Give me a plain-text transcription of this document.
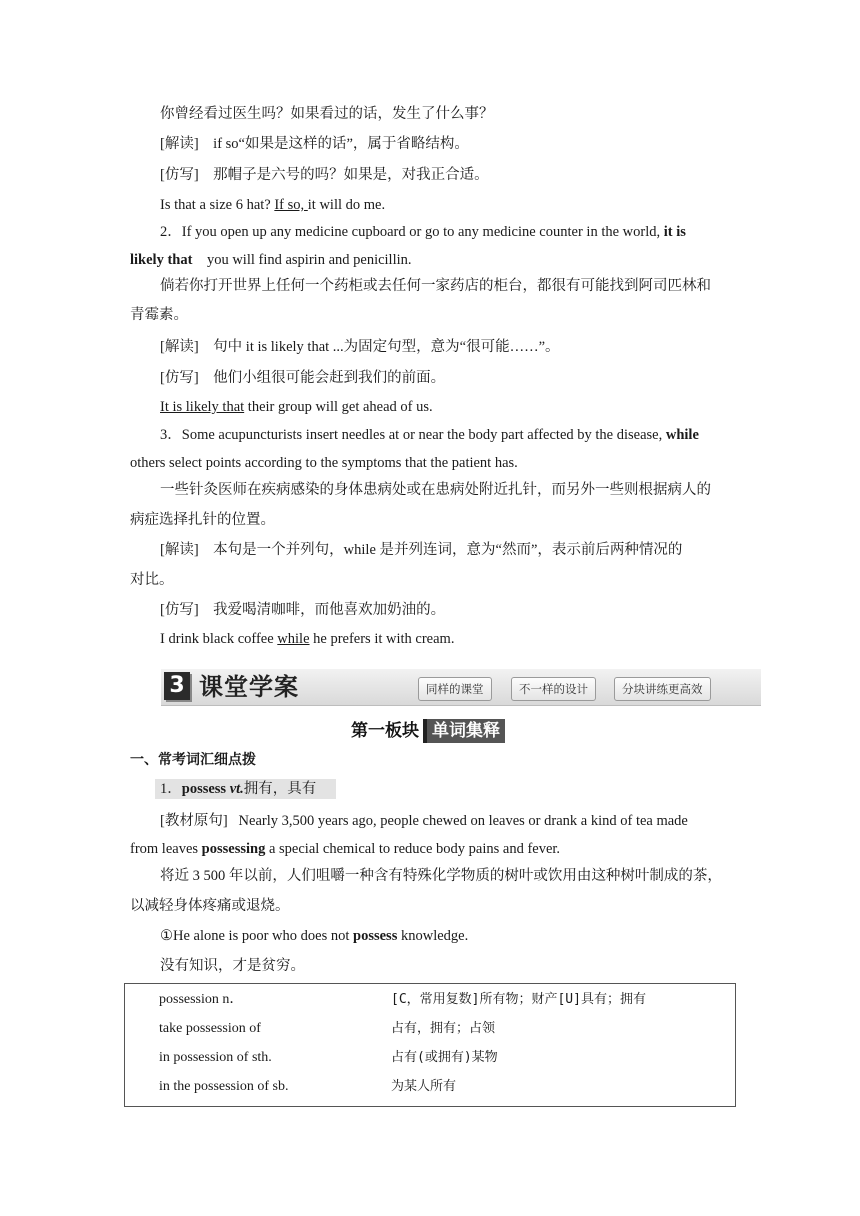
你曾经看过医生吗？如果看过的话，发生了什么事？
[解读] if so“如果是这样的话”，属于省略结构。
[仿写] 那帽子是六号的吗？如果是，对我正合适。
Is that a size 6 hat? If so, it will do me.
2．If you open up any medicine cupboard or go to any medicine counter in the world, it is
likely that you will find aspirin and penicillin.
倘若你打开世界上任何一个药柜或去任何一家药店的柜台，都很有可能找到阿司匹林和
青霉素。
[解读] 句中 it is likely that ...为固定句型，意为“很可能……”。
[仿写] 他们小组很可能会赶到我们的前面。
It is likely that their group will get ahead of us.
3．Some acupuncturists insert needles at or near the body part affected by the disease, while
others select points according to the symptoms that the patient has.
一些针灸医师在疾病感染的身体患病处或在患病处附近扎针，而另外一些则根据病人的
病症选择扎针的位置。
[解读] 本句是一个并列句，while 是并列连词，意为“然而”，表示前后两种情况的
对比。
[仿写] 我爱喝清咖啡，而他喜欢加奶油的。
I drink black coffee while he prefers it with cream.
3 课堂学案	同样的课堂	不一样的设计	分块讲练更高效
第一板块 单词集释
一、常考词汇细点拨
1．possess vt.拥有，具有
[教材原句] Nearly 3,500 years ago, people chewed on leaves or drank a kind of tea made
from leaves possessing a special chemical to reduce body pains and fever.
将近 3 500 年以前，人们咀嚼一种含有特殊化学物质的树叶或饮用由这种树叶制成的茶，
以减轻身体疼痛或退烧。
①He alone is poor who does not possess knowledge.
没有知识，才是贫穷。
possession n．	[C，常用复数]所有物；财产[U]具有；拥有
take possession of	占有，拥有；占领
in possession of sth.	占有(或拥有)某物
in the possession of sb.	为某人所有
